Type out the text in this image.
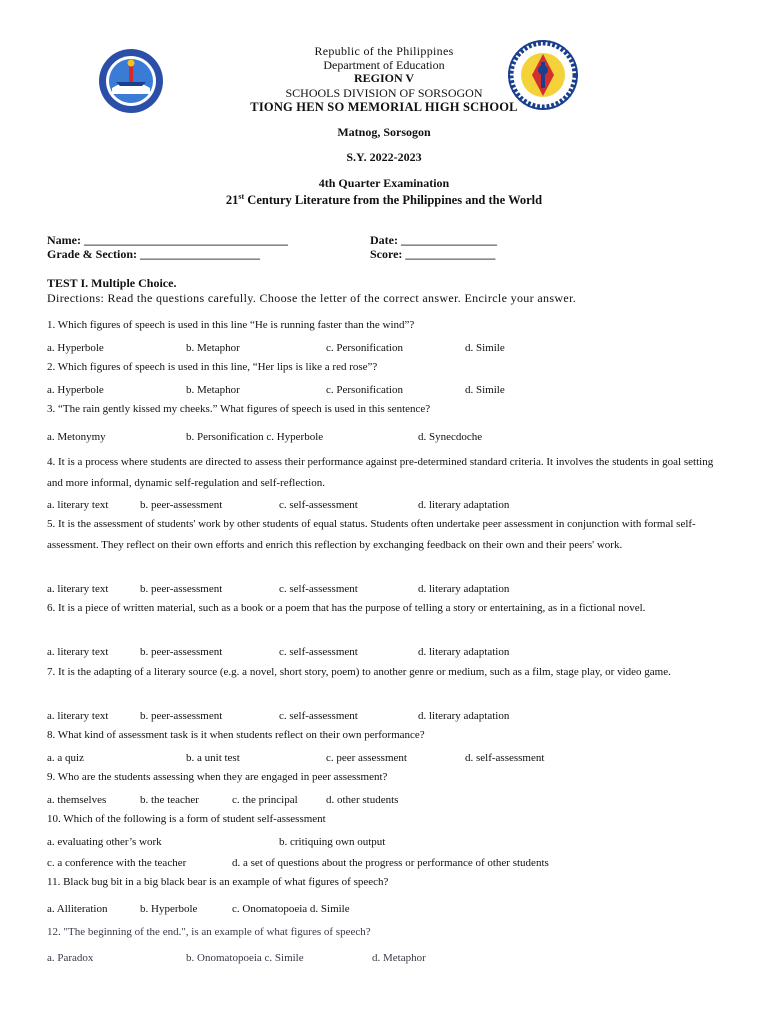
Republic of the Philippines
Department of Education
REGION V
SCHOOLS DIVISION OF SORSOGON
TIONG HEN SO MEMORIAL HIGH SCHOOL
Matnog, Sorsogon
S.Y. 2022-2023
4th Quarter Examination
21st Century Literature from the Philippines and the World
Name: __________________________________
Grade & Section: ____________________
Date: ________________
Score: _______________
TEST I. Multiple Choice.
Directions: Read the questions carefully. Choose the letter of the correct answer. Encircle your answer.
1. Which figures of speech is used in this line “He is running faster than the wind”?
a. Hyperbole	b. Metaphor	c. Personification	d. Simile
2. Which figures of speech is used in this line, “Her lips is like a red rose”?
a. Hyperbole	b. Metaphor	c. Personification	d. Simile
3. “The rain gently kissed my cheeks.” What figures of speech is used in this sentence?
a. Metonymy	b. Personification c. Hyperbole	d. Synecdoche
4. It is a process where students are directed to assess their performance against pre-determined standard criteria. It involves the students in goal setting and more informal, dynamic self-regulation and self-reflection.
a. literary text	b. peer-assessment	c. self-assessment	d. literary adaptation
5. It is the assessment of students' work by other students of equal status. Students often undertake peer assessment in conjunction with formal self-assessment. They reflect on their own efforts and enrich this reflection by exchanging feedback on their own and their peers' work.
a. literary text	b. peer-assessment	c. self-assessment	d. literary adaptation
6. It is a piece of written material, such as a book or a poem that has the purpose of telling a story or entertaining, as in a fictional novel.
a. literary text	b. peer-assessment	c. self-assessment	d. literary adaptation
7. It is the adapting of a literary source (e.g. a novel, short story, poem) to another genre or medium, such as a film, stage play, or video game.
a. literary text	b. peer-assessment	c. self-assessment	d. literary adaptation
8. What kind of assessment task is it when students reflect on their own performance?
a. a quiz	b. a unit test	c. peer assessment	d. self-assessment
9. Who are the students assessing when they are engaged in peer assessment?
a. themselves	b. the teacher	c. the principal	d. other students
10. Which of the following is a form of student self-assessment
a. evaluating other’s work	b. critiquing own output
c. a conference with the teacher	d. a set of questions about the progress or performance of other students
11. Black bug bit in a big black bear is an example of what figures of speech?
a. Alliteration	b. Hyperbole	c. Onomatopoeia d. Simile
12. "The beginning of the end.", is an example of what figures of speech?
a. Paradox	b. Onomatopoeia c. Simile	d. Metaphor
